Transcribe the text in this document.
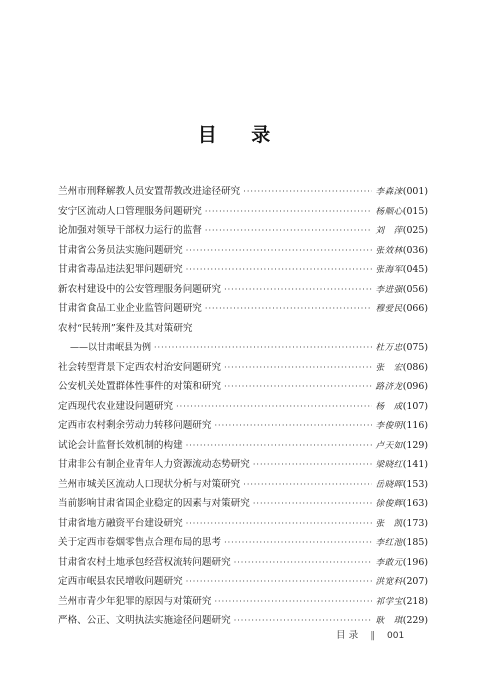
目 录
兰州市刑释解教人员安置帮教改进途径研究 ·····	李森涞 (001)
安宁区流动人口管理服务问题研究 ·····	杨顺心 (015)
论加强对领导干部权力运行的监督 ·····	刘　萍 (025)
甘肃省公务员法实施问题研究 ·····	张效林 (036)
甘肃省毒品违法犯罪问题研究 ·····	张海军 (045)
新农村建设中的公安管理服务问题研究 ·····	李进强 (056)
甘肃省食品工业企业监管问题研究 ·····	穆爱民 (066)
农村“民转刑”案件及其对策研究
——以甘肃岷县为例 ·····	杜万忠 (075)
社会转型背景下定西农村治安问题研究 ·····	张　宏 (086)
公安机关处置群体性事件的对策和研究 ·····	路济龙 (096)
定西现代农业建设问题研究 ·····	杨　成 (107)
定西市农村剩余劳动力转移问题研究 ·····	李俊明 (116)
试论会计监督长效机制的构建 ·····	卢天如 (129)
甘肃非公有制企业青年人力资源流动态势研究 ·····	梁晓红 (141)
兰州市城关区流动人口现状分析与对策研究 ·····	岳晓晖 (153)
当前影响甘肃省国企业稳定的因素与对策研究 ·····	徐俊辉 (163)
甘肃省地方融资平台建设研究 ·····	张　凯 (173)
关于定西市卷烟零售点合理布局的思考 ·····	李红池 (185)
甘肃省农村土地承包经营权流转问题研究 ·····	李敢元 (196)
定西市岷县农民增收问题研究 ·····	洪宽科 (207)
兰州市青少年犯罪的原因与对策研究 ·····	祁学宝 (218)
严格、公正、文明执法实施途径问题研究 ·····	耿　琪 (229)
目 录 ‖ 001
